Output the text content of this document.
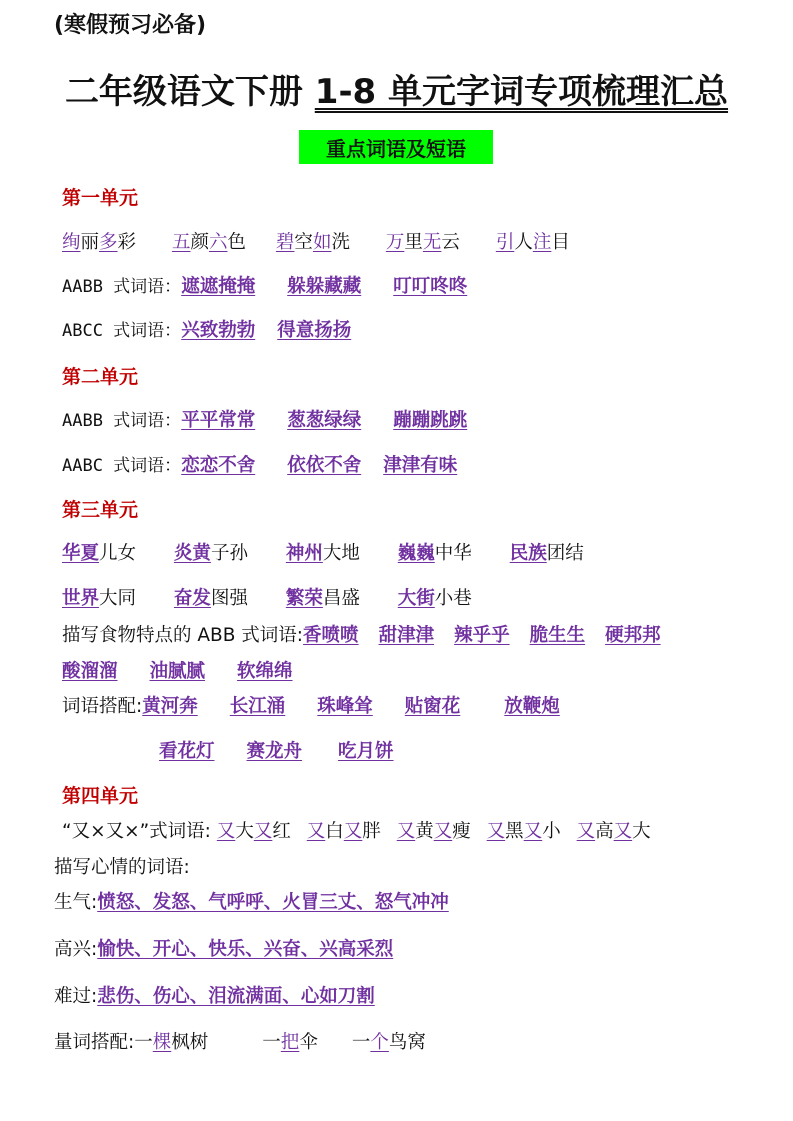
(寒假预习必备)
二年级语文下册 1-8 单元字词专项梳理汇总
重点词语及短语
第一单元
绚丽多彩 五颜六色 碧空如洗 万里无云 引人注目
AABB 式词语：遮遮掩掩 躲躲藏藏 叮叮咚咚
ABCC 式词语：兴致勃勃 得意扬扬
第二单元
AABB 式词语：平平常常 葱葱绿绿 蹦蹦跳跳
AABC 式词语：恋恋不舍 依依不舍 津津有味
第三单元
华夏儿女 炎黄子孙 神州大地 巍巍中华 民族团结
世界大同 奋发图强 繁荣昌盛 大街小巷
描写食物特点的 ABB 式词语:香喷喷 甜津津 辣乎乎 脆生生 硬邦邦
酸溜溜 油腻腻 软绵绵
词语搭配:黄河奔 长江涌 珠峰耸 贴窗花 放鞭炮
看花灯 赛龙舟 吃月饼
第四单元
“又×又×”式词语: 又大又红 又白又胖 又黄又瘦 又黑又小 又高又大
描写心情的词语:
生气:愤怒、发怒、气呼呼、火冒三丈、怒气冲冲
高兴:愉快、开心、快乐、兴奋、兴高采烈
难过:悲伤、伤心、泪流满面、心如刀割
量词搭配:一棵枫树	一把伞 一个鸟窝
